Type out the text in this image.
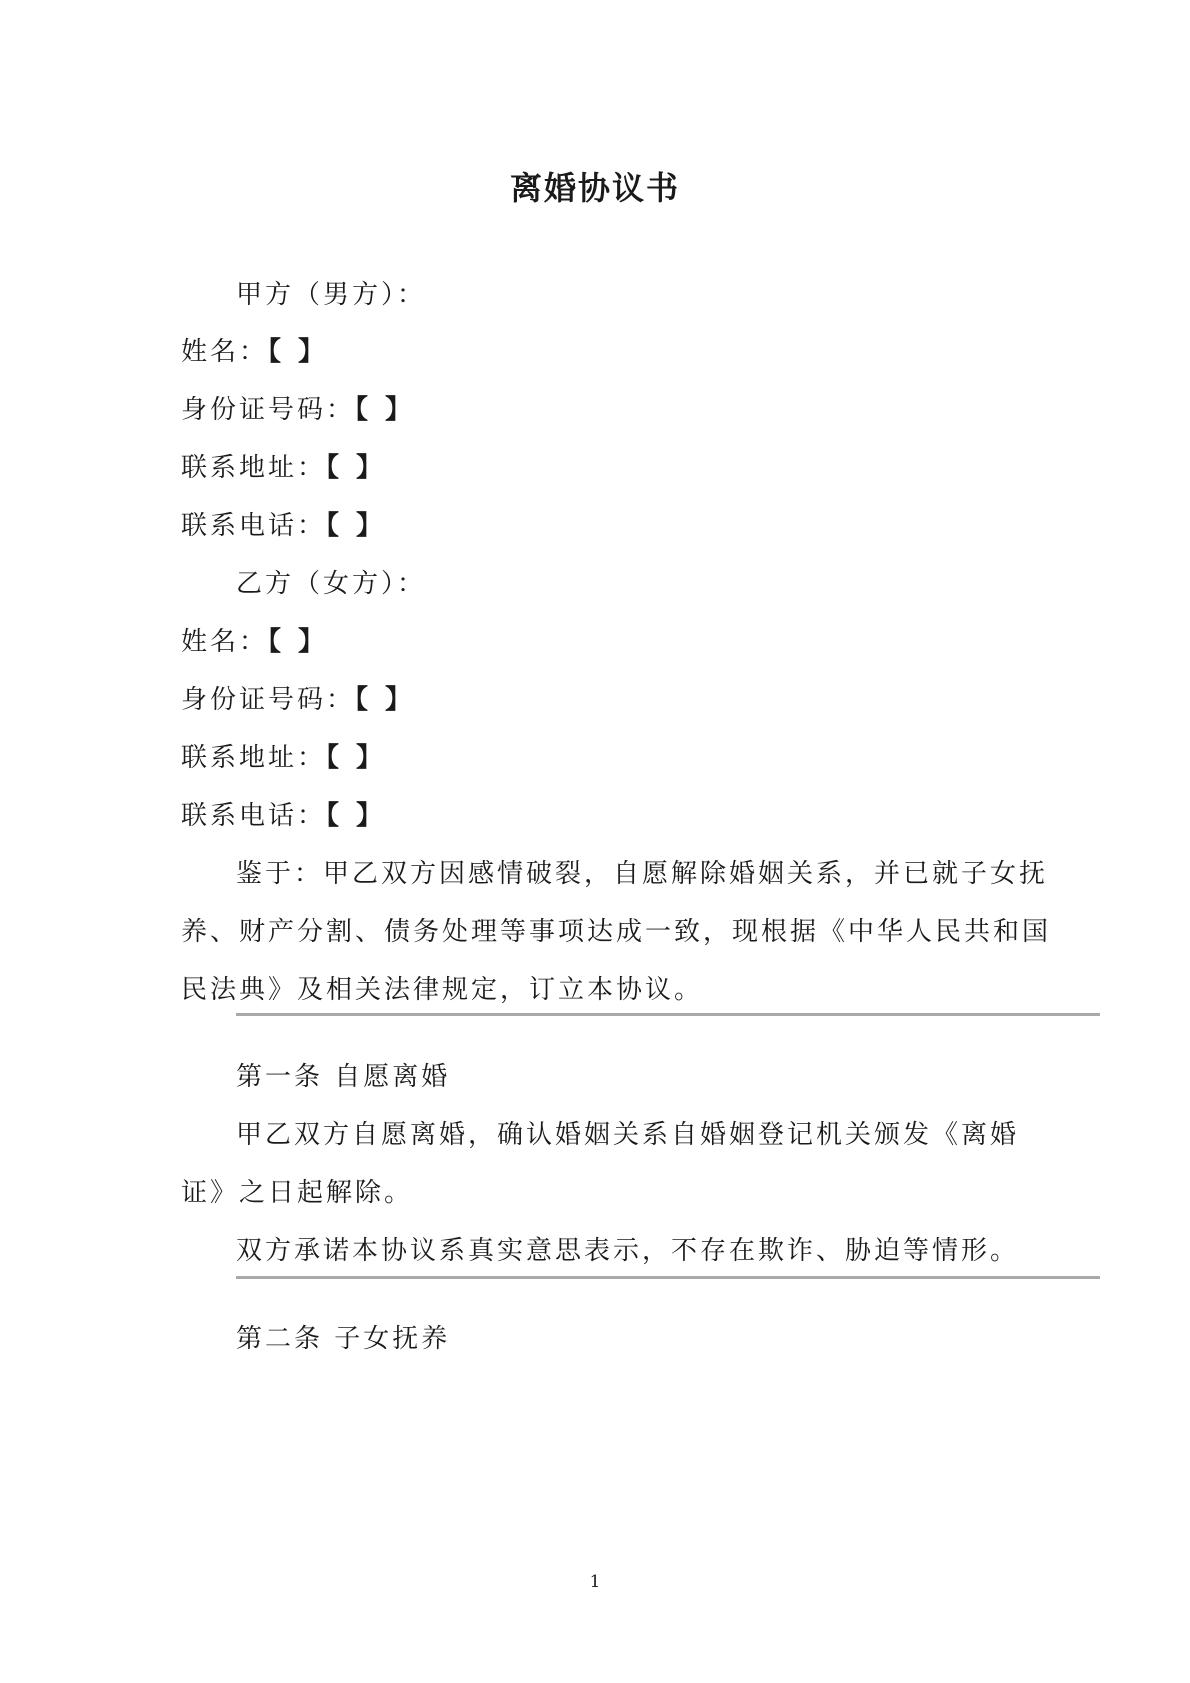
离婚协议书
甲方（男方）：
姓名：【 】
身份证号码：【 】
联系地址：【 】
联系电话：【 】
乙方（女方）：
姓名：【 】
身份证号码：【 】
联系地址：【 】
联系电话：【 】
鉴于：甲乙双方因感情破裂，自愿解除婚姻关系，并已就子女抚
养、财产分割、债务处理等事项达成一致，现根据《中华人民共和国
民法典》及相关法律规定，订立本协议。
第一条 自愿离婚
甲乙双方自愿离婚，确认婚姻关系自婚姻登记机关颁发《离婚
证》之日起解除。
双方承诺本协议系真实意思表示，不存在欺诈、胁迫等情形。
第二条 子女抚养
1
